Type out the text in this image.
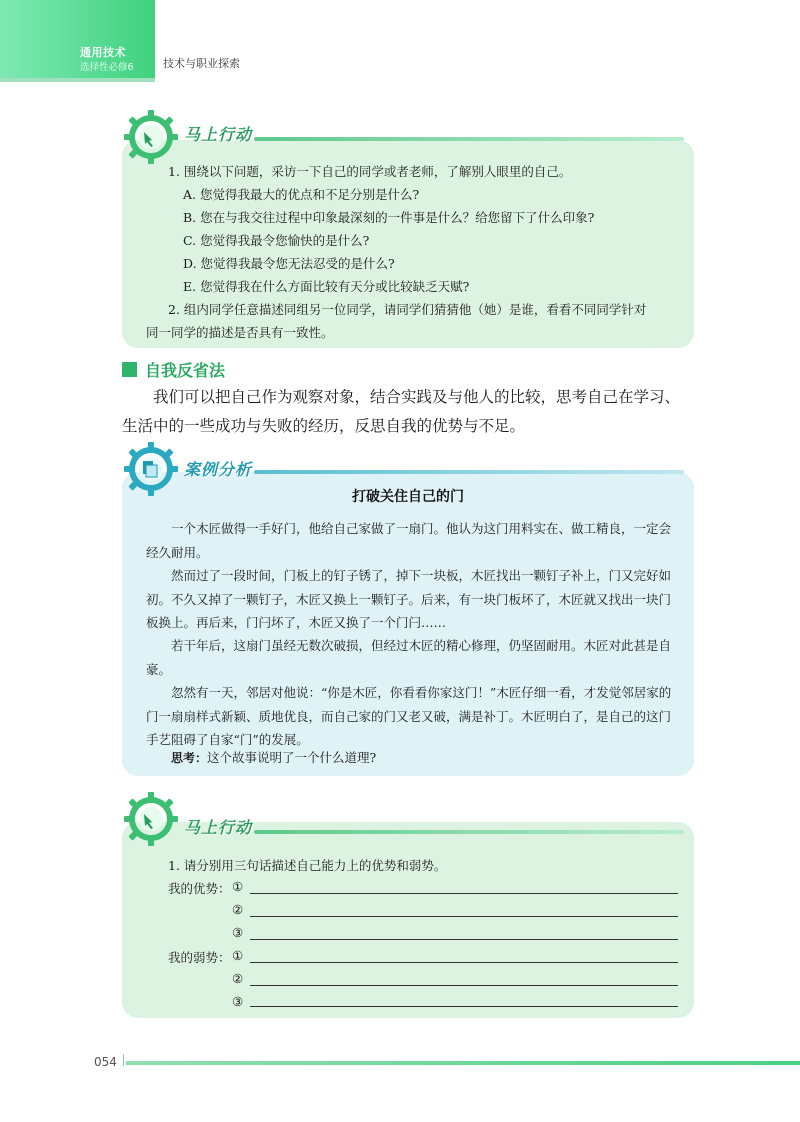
通用技术
选择性必修6	技术与职业探索
马上行动
1. 围绕以下问题，采访一下自己的同学或者老师，了解别人眼里的自己。
A. 您觉得我最大的优点和不足分别是什么?
B. 您在与我交往过程中印象最深刻的一件事是什么？给您留下了什么印象?
C. 您觉得我最令您愉快的是什么?
D. 您觉得我最令您无法忍受的是什么?
E. 您觉得我在什么方面比较有天分或比较缺乏天赋?
2. 组内同学任意描述同组另一位同学，请同学们猜猜他（她）是谁，看看不同同学针对
同一同学的描述是否具有一致性。
自我反省法
我们可以把自己作为观察对象，结合实践及与他人的比较，思考自己在学习、生活中的一些成功与失败的经历，反思自我的优势与不足。
案例分析
打破关住自己的门
一个木匠做得一手好门，他给自己家做了一扇门。他认为这门用料实在、做工精良，一定会经久耐用。
然而过了一段时间，门板上的钉子锈了，掉下一块板，木匠找出一颗钉子补上，门又完好如初。不久又掉了一颗钉子，木匠又换上一颗钉子。后来，有一块门板坏了，木匠就又找出一块门板换上。再后来，门闩坏了，木匠又换了一个门闩……
若干年后，这扇门虽经无数次破损，但经过木匠的精心修理，仍坚固耐用。木匠对此甚是自豪。
忽然有一天，邻居对他说：“你是木匠，你看看你家这门！”木匠仔细一看，才发觉邻居家的门一扇扇样式新颖、质地优良，而自己家的门又老又破，满是补丁。木匠明白了，是自己的这门手艺阻碍了自家“门”的发展。
思考：这个故事说明了一个什么道理?
马上行动
1. 请分别用三句话描述自己能力上的优势和弱势。
我的优势： ①
②
③
我的弱势： ①
②
③
054
